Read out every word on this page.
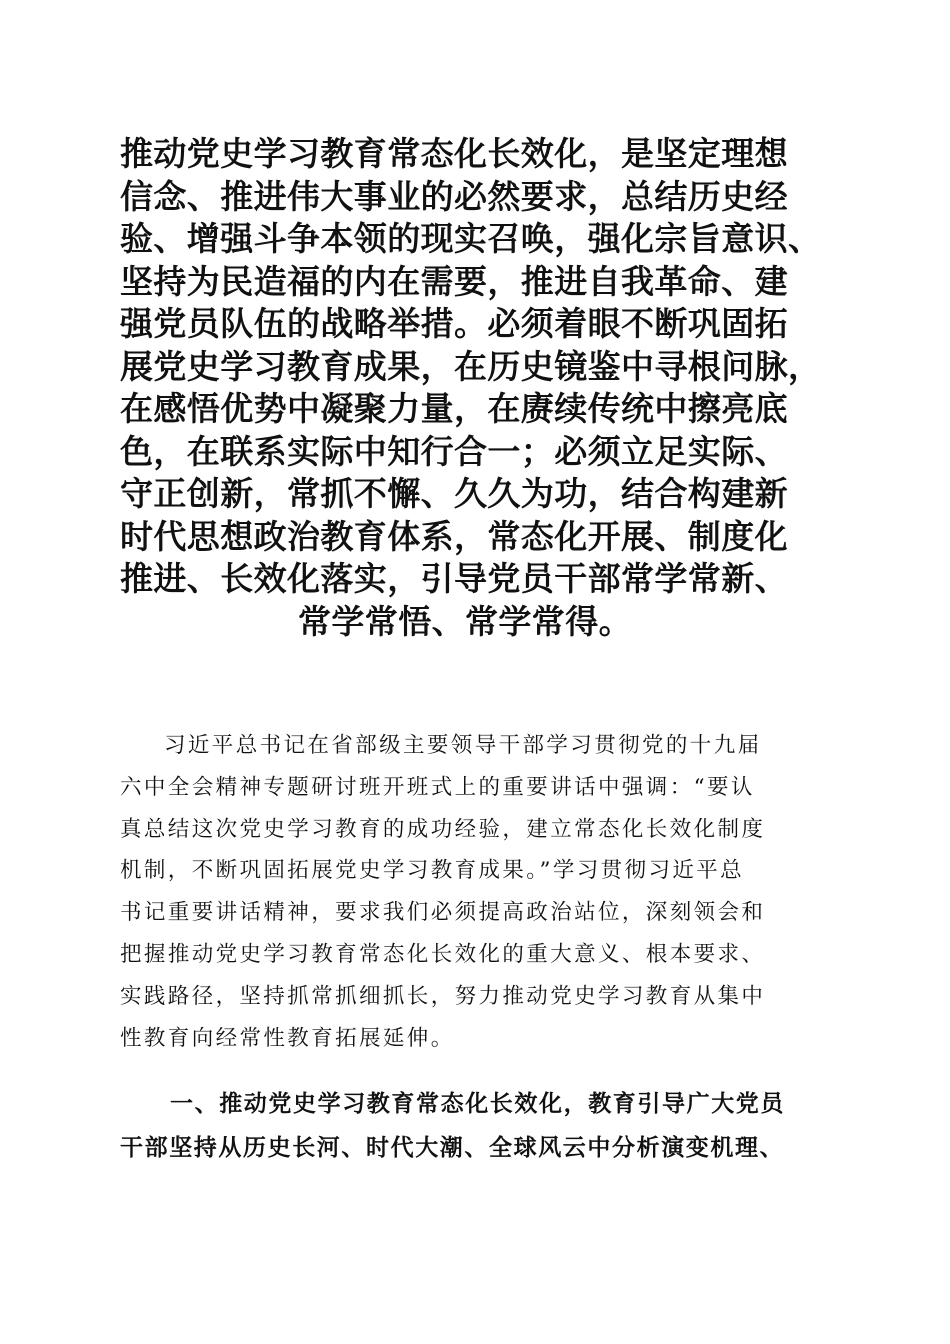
推动党史学习教育常态化长效化，是坚定理想
信念、推进伟大事业的必然要求，总结历史经
验、增强斗争本领的现实召唤，强化宗旨意识、
坚持为民造福的内在需要，推进自我革命、建
强党员队伍的战略举措。必须着眼不断巩固拓
展党史学习教育成果，在历史镜鉴中寻根问脉，
在感悟优势中凝聚力量，在赓续传统中擦亮底
色，在联系实际中知行合一；必须立足实际、
守正创新，常抓不懈、久久为功，结合构建新
时代思想政治教育体系，常态化开展、制度化
推进、长效化落实，引导党员干部常学常新、
常学常悟、常学常得。
习近平总书记在省部级主要领导干部学习贯彻党的十九届
六中全会精神专题研讨班开班式上的重要讲话中强调：“要认
真总结这次党史学习教育的成功经验，建立常态化长效化制度
机制，不断巩固拓展党史学习教育成果。”学习贯彻习近平总
书记重要讲话精神，要求我们必须提高政治站位，深刻领会和
把握推动党史学习教育常态化长效化的重大意义、根本要求、
实践路径，坚持抓常抓细抓长，努力推动党史学习教育从集中
性教育向经常性教育拓展延伸。
一、推动党史学习教育常态化长效化，教育引导广大党员
干部坚持从历史长河、时代大潮、全球风云中分析演变机理、
